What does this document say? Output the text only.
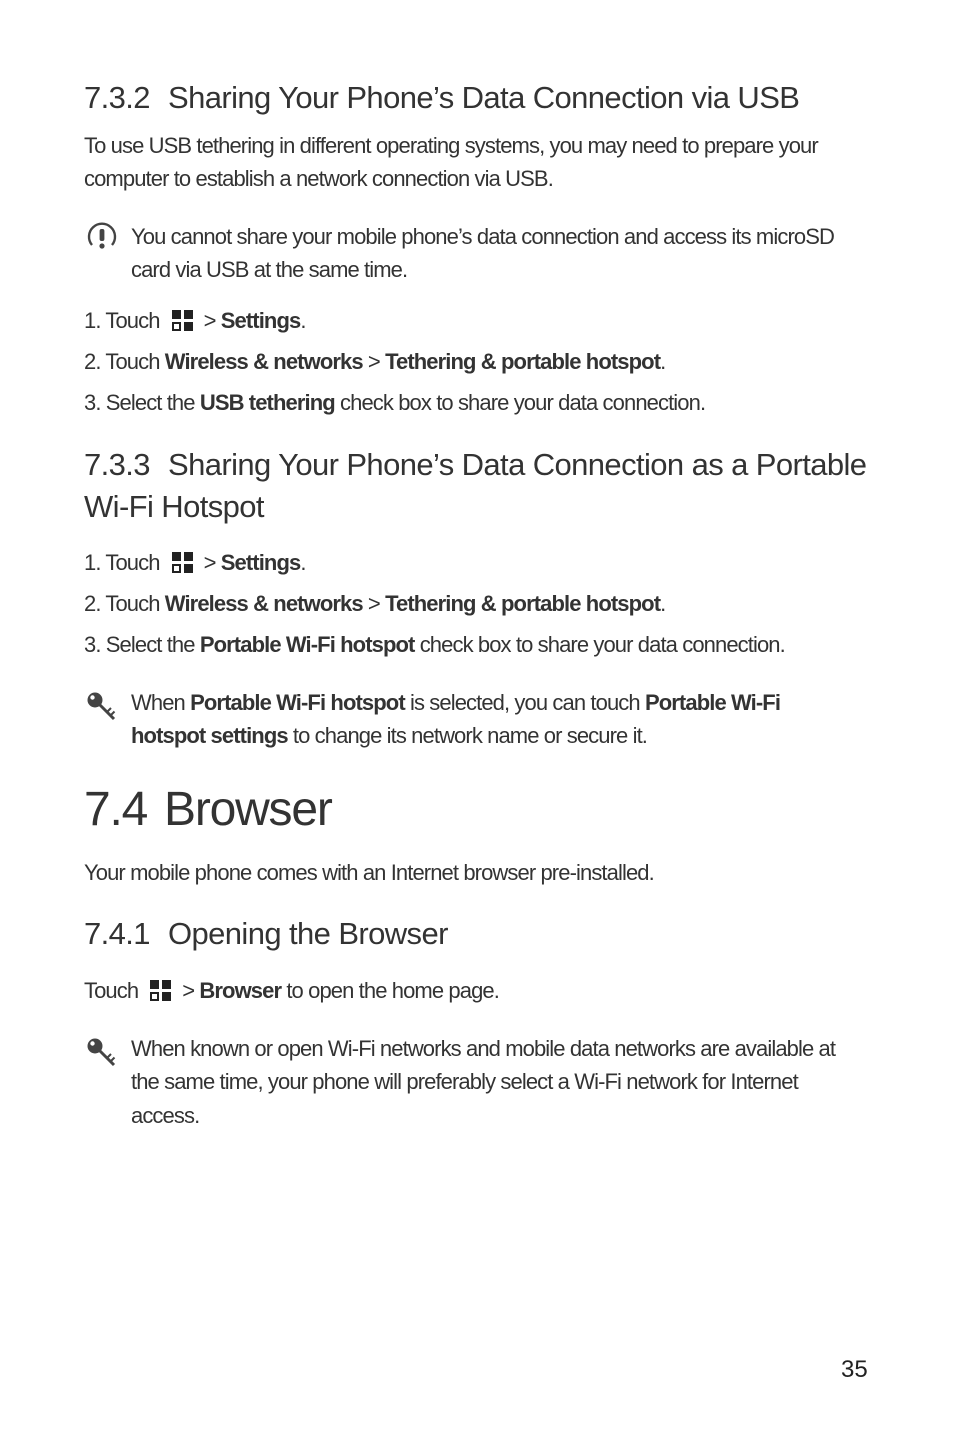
7.3.2 Sharing Your Phone’s Data Connection via USB
To use USB tethering in different operating systems, you may need to prepare your
computer to establish a network connection via USB.
You cannot share your mobile phone’s data connection and access its microSD
card via USB at the same time.
1. Touch > Settings.
2. Touch Wireless & networks > Tethering & portable hotspot.
3. Select the USB tethering check box to share your data connection.
7.3.3 Sharing Your Phone’s Data Connection as a Portable
Wi-Fi Hotspot
1. Touch > Settings.
2. Touch Wireless & networks > Tethering & portable hotspot.
3. Select the Portable Wi-Fi hotspot check box to share your data connection.
When Portable Wi-Fi hotspot is selected, you can touch Portable Wi-Fi
hotspot settings to change its network name or secure it.
7.4 Browser
Your mobile phone comes with an Internet browser pre-installed.
7.4.1 Opening the Browser
Touch > Browser to open the home page.
When known or open Wi-Fi networks and mobile data networks are available at
the same time, your phone will preferably select a Wi-Fi network for Internet
access.
35
